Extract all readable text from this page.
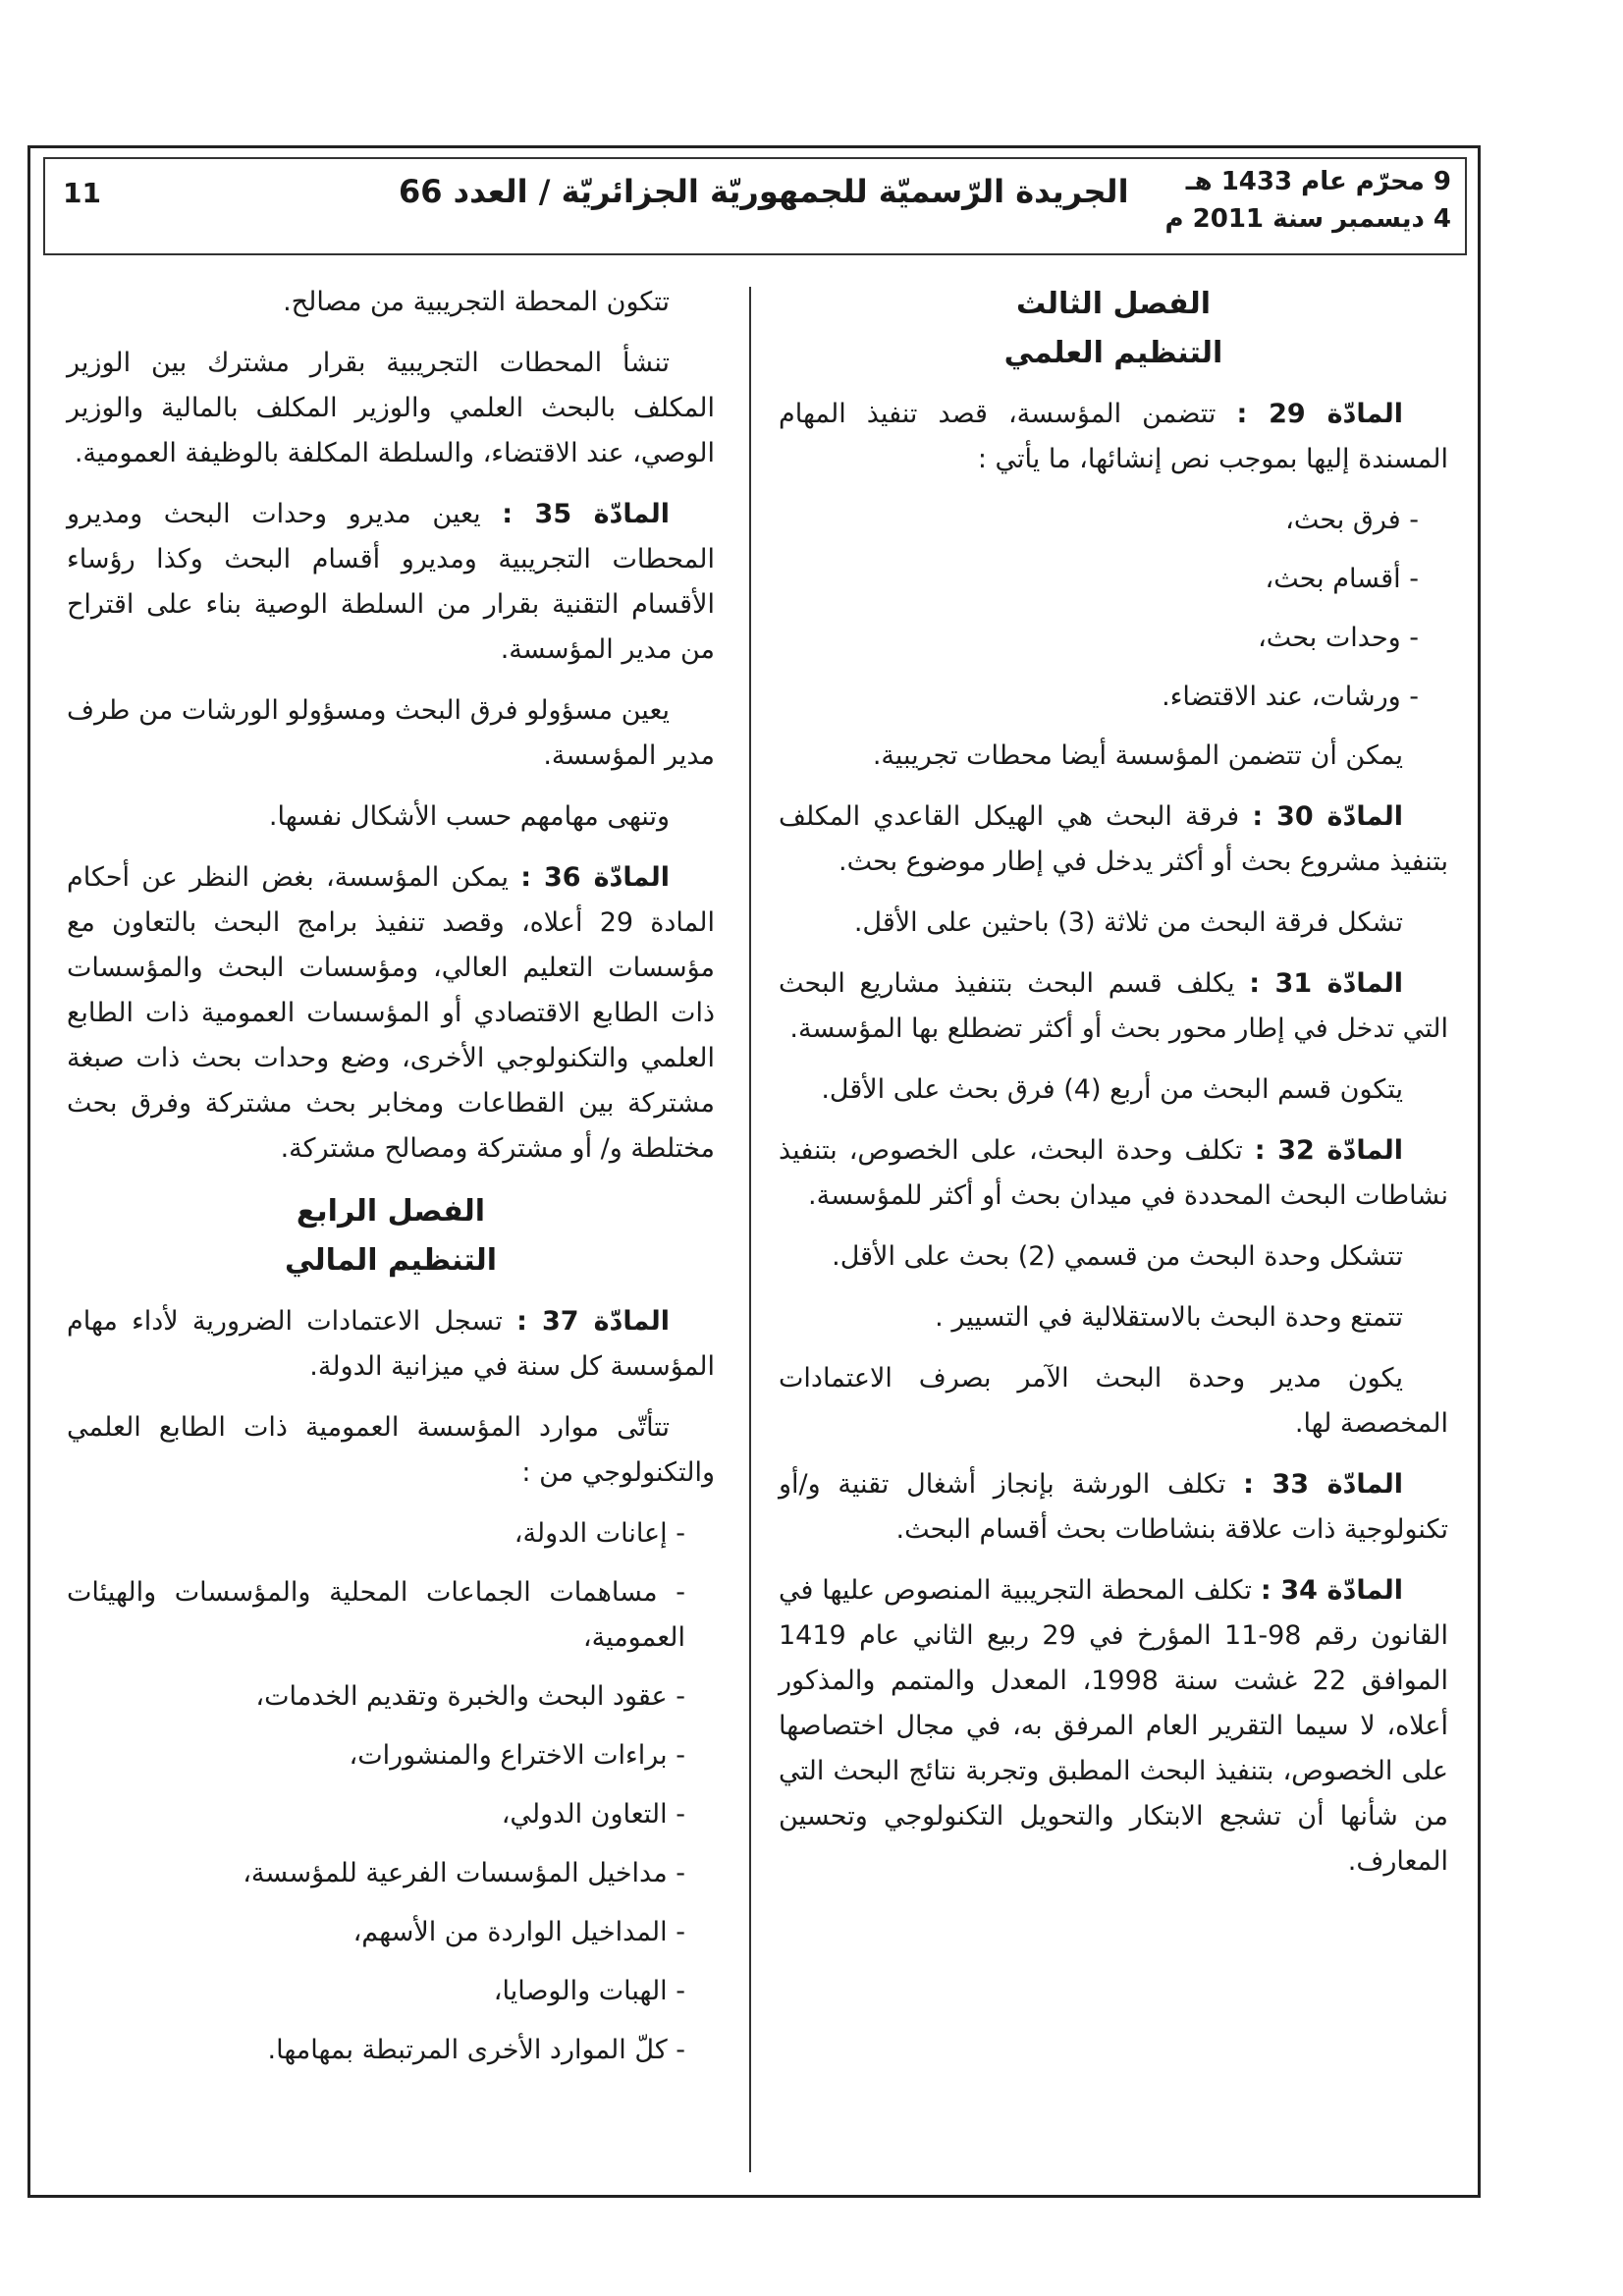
11	الجريدة الرّسميّة للجمهوريّة الجزائريّة / العدد 66	9 محرّم عام 1433 هـ
4 ديسمبر سنة 2011 م

الفصل الثالث
التنظيم العلمي

المادّة 29 : تتضمن المؤسسة، قصد تنفيذ المهام المسندة إليها بموجب نص إنشائها، ما يأتي :

- فرق بحث،

- أقسام بحث،

- وحدات بحث،

- ورشات، عند الاقتضاء.

يمكن أن تتضمن المؤسسة أيضا محطات تجريبية.

المادّة 30 : فرقة البحث هي الهيكل القاعدي المكلف بتنفيذ مشروع بحث أو أكثر يدخل في إطار موضوع بحث.

تشكل فرقة البحث من ثلاثة (3) باحثين على الأقل.

المادّة 31 : يكلف قسم البحث بتنفيذ مشاريع البحث التي تدخل في إطار محور بحث أو أكثر تضطلع بها المؤسسة.

يتكون قسم البحث من أربع (4) فرق بحث على الأقل.

المادّة 32 : تكلف وحدة البحث، على الخصوص، بتنفيذ نشاطات البحث المحددة في ميدان بحث أو أكثر للمؤسسة.

تتشكل وحدة البحث من قسمي (2) بحث على الأقل.

تتمتع وحدة البحث بالاستقلالية في التسيير .

يكون مدير وحدة البحث الآمر بصرف الاعتمادات المخصصة لها.

المادّة 33 : تكلف الورشة بإنجاز أشغال تقنية و/أو تكنولوجية ذات علاقة بنشاطات بحث أقسام البحث.

المادّة 34 : تكلف المحطة التجريبية المنصوص عليها في القانون رقم 98-11 المؤرخ في 29 ربيع الثاني عام 1419 الموافق 22 غشت سنة 1998، المعدل والمتمم والمذكور أعلاه، لا سيما التقرير العام المرفق به، في مجال اختصاصها على الخصوص، بتنفيذ البحث المطبق وتجربة نتائج البحث التي من شأنها أن تشجع الابتكار والتحويل التكنولوجي وتحسين المعارف.

تتكون المحطة التجريبية من مصالح.

تنشأ المحطات التجريبية بقرار مشترك بين الوزير المكلف بالبحث العلمي والوزير المكلف بالمالية والوزير الوصي، عند الاقتضاء، والسلطة المكلفة بالوظيفة العمومية.

المادّة 35 : يعين مديرو وحدات البحث ومديرو المحطات التجريبية ومديرو أقسام البحث وكذا رؤساء الأقسام التقنية بقرار من السلطة الوصية بناء على اقتراح من مدير المؤسسة.

يعين مسؤولو فرق البحث ومسؤولو الورشات من طرف مدير المؤسسة.

وتنهى مهامهم حسب الأشكال نفسها.

المادّة 36 : يمكن المؤسسة، بغض النظر عن أحكام المادة 29 أعلاه، وقصد تنفيذ برامج البحث بالتعاون مع مؤسسات التعليم العالي، ومؤسسات البحث والمؤسسات ذات الطابع الاقتصادي أو المؤسسات العمومية ذات الطابع العلمي والتكنولوجي الأخرى، وضع وحدات بحث ذات صبغة مشتركة بين القطاعات ومخابر بحث مشتركة وفرق بحث مختلطة و/ أو مشتركة ومصالح مشتركة.

الفصل الرابع
التنظيم المالي

المادّة 37 : تسجل الاعتمادات الضرورية لأداء مهام المؤسسة كل سنة في ميزانية الدولة.

تتأتّى موارد المؤسسة العمومية ذات الطابع العلمي والتكنولوجي من :

- إعانات الدولة،

- مساهمات الجماعات المحلية والمؤسسات والهيئات العمومية،

- عقود البحث والخبرة وتقديم الخدمات،

- براءات الاختراع والمنشورات،

- التعاون الدولي،

- مداخيل المؤسسات الفرعية للمؤسسة،

- المداخيل الواردة من الأسهم،

- الهبات والوصايا،

- كلّ الموارد الأخرى المرتبطة بمهامها.
